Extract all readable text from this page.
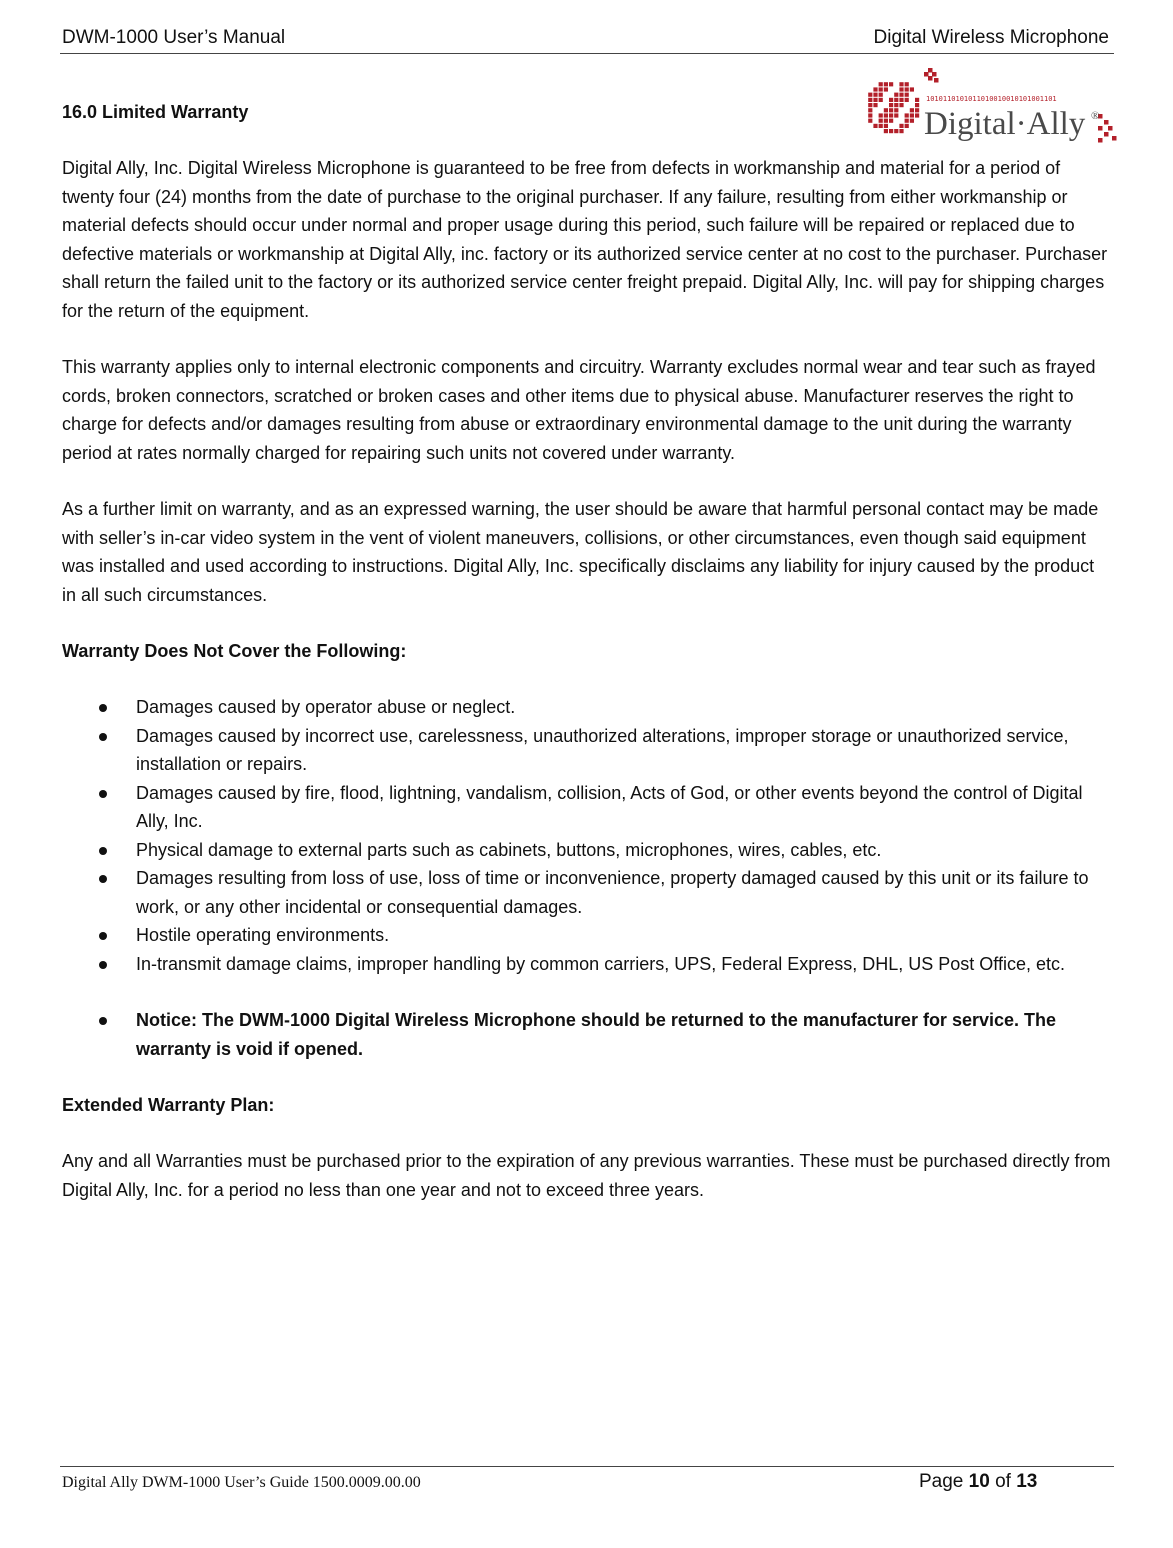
DWM-1000 User’s Manual	Digital Wireless Microphone
1010110101011010010010101001101
Digital·Ally ®
16.0 Limited Warranty

Digital Ally, Inc. Digital Wireless Microphone is guaranteed to be free from defects in workmanship and material for a period of twenty four (24) months from the date of purchase to the original purchaser. If any failure, resulting from either workmanship or material defects should occur under normal and proper usage during this period, such failure will be repaired or replaced due to defective materials or workmanship at Digital Ally, inc. factory or its authorized service center at no cost to the purchaser. Purchaser shall return the failed unit to the factory or its authorized service center freight prepaid. Digital Ally, Inc. will pay for shipping charges for the return of the equipment.

This warranty applies only to internal electronic components and circuitry. Warranty excludes normal wear and tear such as frayed cords, broken connectors, scratched or broken cases and other items due to physical abuse. Manufacturer reserves the right to charge for defects and/or damages resulting from abuse or extraordinary environmental damage to the unit during the warranty period at rates normally charged for repairing such units not covered under warranty.

As a further limit on warranty, and as an expressed warning, the user should be aware that harmful personal contact may be made with seller’s in-car video system in the vent of violent maneuvers, collisions, or other circumstances, even though said equipment was installed and used according to instructions. Digital Ally, Inc. specifically disclaims any liability for injury caused by the product in all such circumstances.

Warranty Does Not Cover the Following:
Damages caused by operator abuse or neglect.
Damages caused by incorrect use, carelessness, unauthorized alterations, improper storage or unauthorized service, installation or repairs.
Damages caused by fire, flood, lightning, vandalism, collision, Acts of God, or other events beyond the control of Digital Ally, Inc.
Physical damage to external parts such as cabinets, buttons, microphones, wires, cables, etc.
Damages resulting from loss of use, loss of time or inconvenience, property damaged caused by this unit or its failure to work, or any other incidental or consequential damages.
Hostile operating environments.
In-transmit damage claims, improper handling by common carriers, UPS, Federal Express, DHL, US Post Office, etc.
Notice: The DWM-1000 Digital Wireless Microphone should be returned to the manufacturer for service. The warranty is void if opened.
Extended Warranty Plan:

Any and all Warranties must be purchased prior to the expiration of any previous warranties. These must be purchased directly from Digital Ally, Inc. for a period no less than one year and not to exceed three years.

Digital Ally DWM-1000 User’s Guide 1500.0009.00.00	Page 10 of 13
